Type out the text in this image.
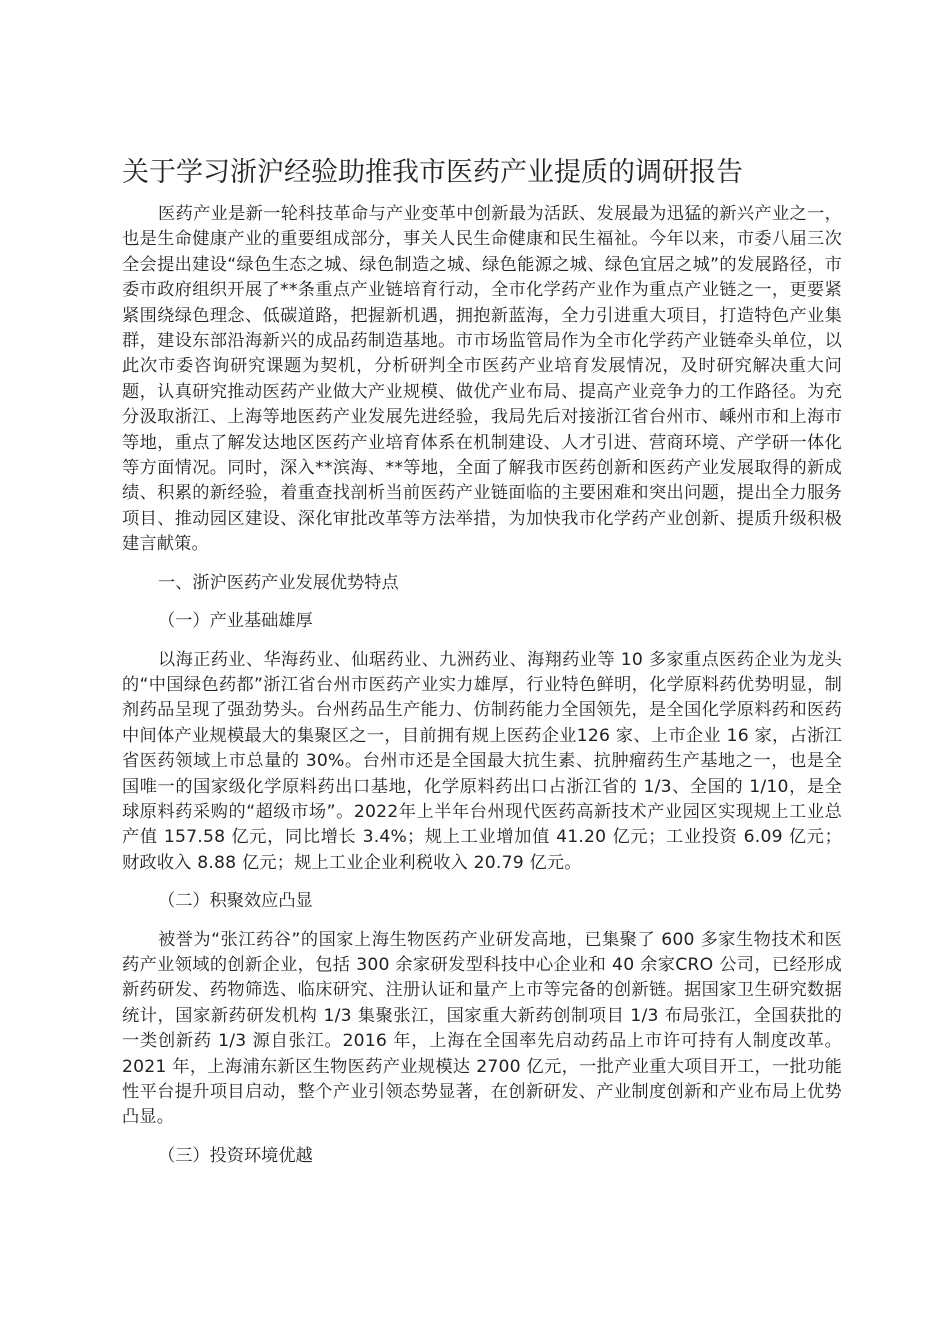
关于学习浙沪经验助推我市医药产业提质的调研报告

医药产业是新一轮科技革命与产业变革中创新最为活跃、发展最为迅猛的新兴产业之一，也是生命健康产业的重要组成部分，事关人民生命健康和民生福祉。今年以来，市委八届三次全会提出建设“绿色生态之城、绿色制造之城、绿色能源之城、绿色宜居之城”的发展路径，市委市政府组织开展了**条重点产业链培育行动，全市化学药产业作为重点产业链之一，更要紧紧围绕绿色理念、低碳道路，把握新机遇，拥抱新蓝海，全力引进重大项目，打造特色产业集群，建设东部沿海新兴的成品药制造基地。市市场监管局作为全市化学药产业链牵头单位，以此次市委咨询研究课题为契机，分析研判全市医药产业培育发展情况，及时研究解决重大问题，认真研究推动医药产业做大产业规模、做优产业布局、提高产业竞争力的工作路径。为充分汲取浙江、上海等地医药产业发展先进经验，我局先后对接浙江省台州市、嵊州市和上海市等地，重点了解发达地区医药产业培育体系在机制建设、人才引进、营商环境、产学研一体化等方面情况。同时，深入**滨海、**等地，全面了解我市医药创新和医药产业发展取得的新成绩、积累的新经验，着重查找剖析当前医药产业链面临的主要困难和突出问题，提出全力服务项目、推动园区建设、深化审批改革等方法举措，为加快我市化学药产业创新、提质升级积极建言献策。

一、浙沪医药产业发展优势特点

（一）产业基础雄厚

以海正药业、华海药业、仙琚药业、九洲药业、海翔药业等 10 多家重点医药企业为龙头的“中国绿色药都”浙江省台州市医药产业实力雄厚，行业特色鲜明，化学原料药优势明显，制剂药品呈现了强劲势头。台州药品生产能力、仿制药能力全国领先，是全国化学原料药和医药中间体产业规模最大的集聚区之一，目前拥有规上医药企业126 家、上市企业 16 家，占浙江省医药领域上市总量的 30%。台州市还是全国最大抗生素、抗肿瘤药生产基地之一，也是全国唯一的国家级化学原料药出口基地，化学原料药出口占浙江省的 1/3、全国的 1/10，是全球原料药采购的“超级市场”。2022年上半年台州现代医药高新技术产业园区实现规上工业总产值 157.58 亿元，同比增长 3.4%；规上工业增加值 41.20 亿元；工业投资 6.09 亿元；财政收入 8.88 亿元；规上工业企业利税收入 20.79 亿元。

（二）积聚效应凸显

被誉为“张江药谷”的国家上海生物医药产业研发高地，已集聚了 600 多家生物技术和医药产业领域的创新企业，包括 300 余家研发型科技中心企业和 40 余家CRO 公司，已经形成新药研发、药物筛选、临床研究、注册认证和量产上市等完备的创新链。据国家卫生研究数据统计，国家新药研发机构 1/3 集聚张江，国家重大新药创制项目 1/3 布局张江，全国获批的一类创新药 1/3 源自张江。2016 年，上海在全国率先启动药品上市许可持有人制度改革。2021 年，上海浦东新区生物医药产业规模达 2700 亿元，一批产业重大项目开工，一批功能性平台提升项目启动，整个产业引领态势显著，在创新研发、产业制度创新和产业布局上优势凸显。

（三）投资环境优越
